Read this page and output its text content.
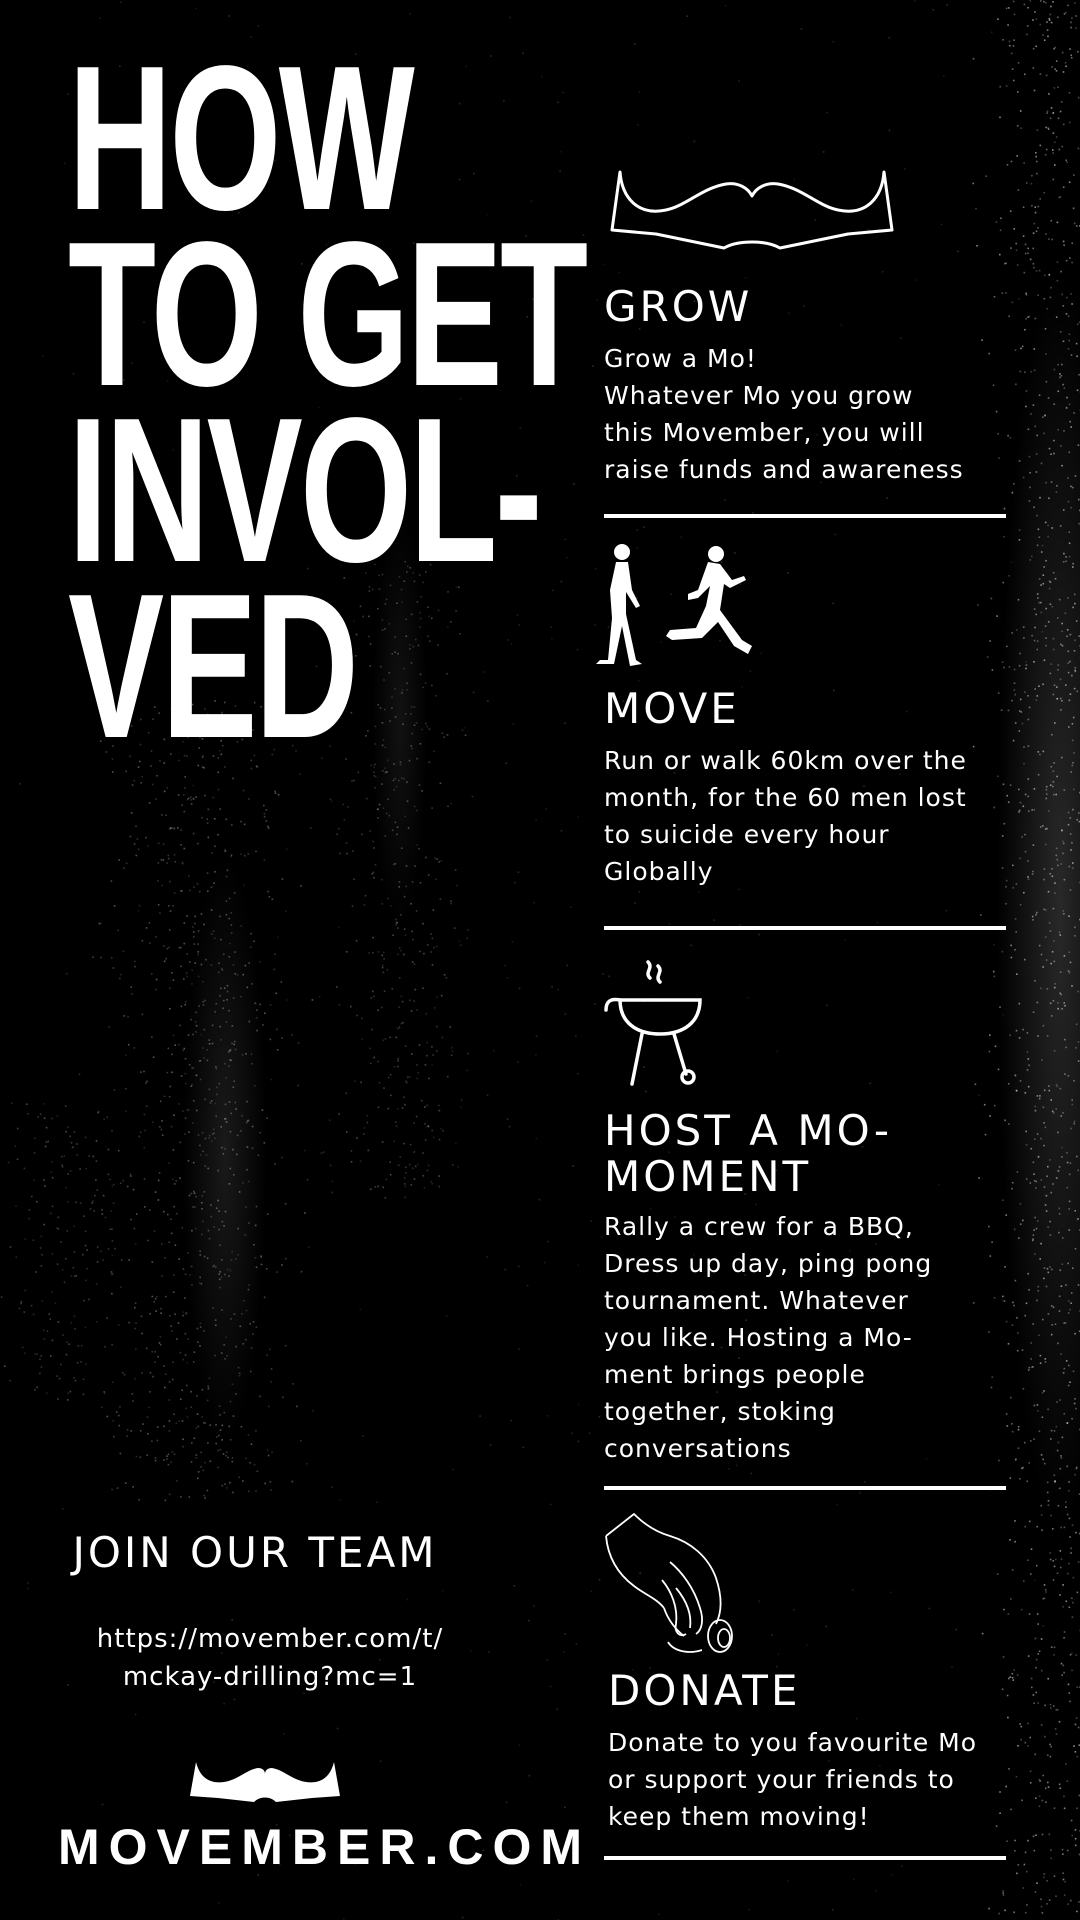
HOW
TO GET
INVOL-
VED
GROW

Grow a Mo!
Whatever Mo you grow
this Movember, you will
raise funds and awareness

MOVE

Run or walk 60km over the
month, for the 60 men lost
to suicide every hour
Globally

HOST A MO-
MOMENT

Rally a crew for a BBQ,
Dress up day, ping pong
tournament. Whatever
you like. Hosting a Mo-
ment brings people
together, stoking
conversations

DONATE

Donate to you favourite Mo
or support your friends to
keep them moving!

JOIN OUR TEAM
https://movember.com/t/
mckay-drilling?mc=1
MOVEMBER.COM
